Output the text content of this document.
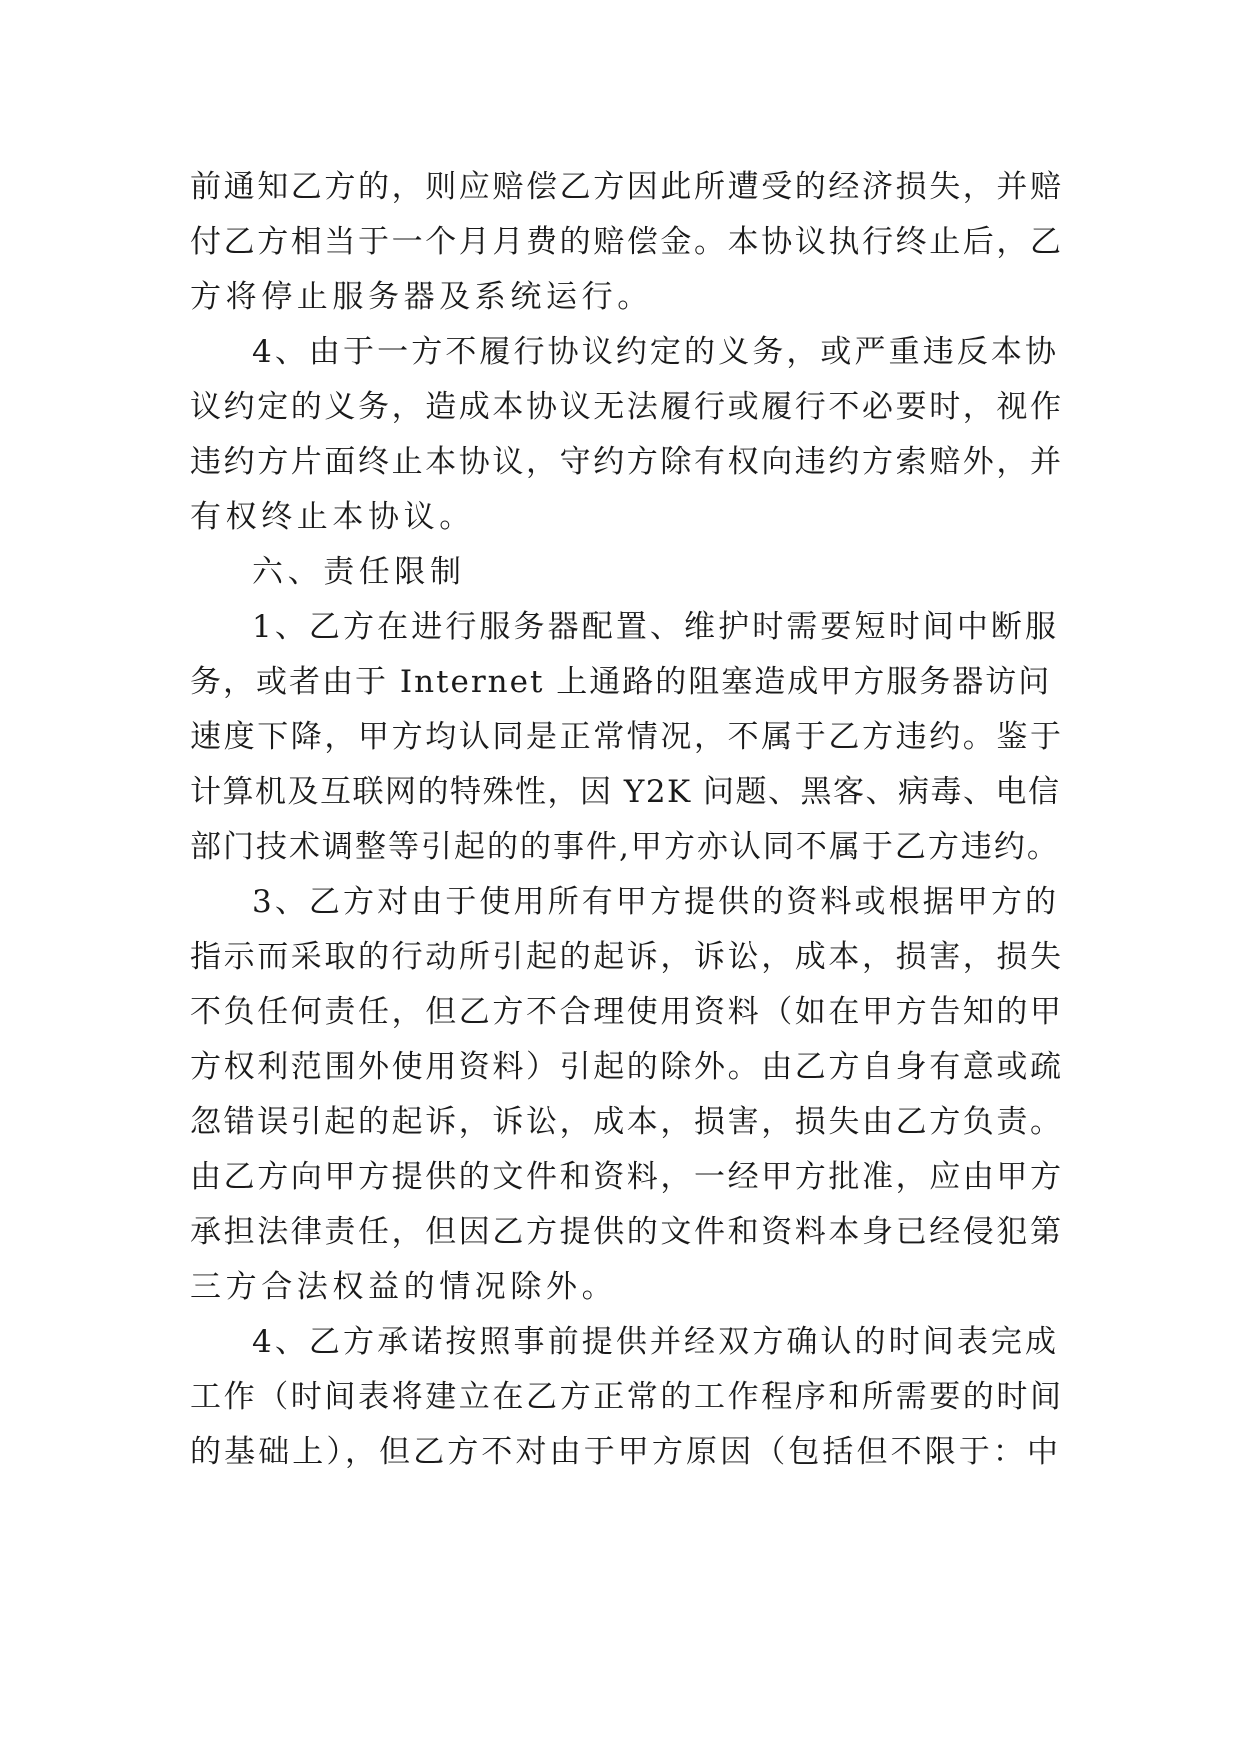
前通知乙方的，则应赔偿乙方因此所遭受的经济损失，并赔
付乙方相当于一个月月费的赔偿金。本协议执行终止后，乙
方将停止服务器及系统运行。
4、由于一方不履行协议约定的义务，或严重违反本协
议约定的义务，造成本协议无法履行或履行不必要时，视作
违约方片面终止本协议，守约方除有权向违约方索赔外，并
有权终止本协议。
六、责任限制
1、乙方在进行服务器配置、维护时需要短时间中断服
务，或者由于 Internet 上通路的阻塞造成甲方服务器访问
速度下降，甲方均认同是正常情况，不属于乙方违约。鉴于
计算机及互联网的特殊性，因 Y2K 问题、黑客、病毒、电信
部门技术调整等引起的的事件,甲方亦认同不属于乙方违约。
3、乙方对由于使用所有甲方提供的资料或根据甲方的
指示而采取的行动所引起的起诉，诉讼，成本，损害，损失
不负任何责任，但乙方不合理使用资料（如在甲方告知的甲
方权利范围外使用资料）引起的除外。由乙方自身有意或疏
忽错误引起的起诉，诉讼，成本，损害，损失由乙方负责。
由乙方向甲方提供的文件和资料，一经甲方批准，应由甲方
承担法律责任，但因乙方提供的文件和资料本身已经侵犯第
三方合法权益的情况除外。
4、乙方承诺按照事前提供并经双方确认的时间表完成
工作（时间表将建立在乙方正常的工作程序和所需要的时间
的基础上），但乙方不对由于甲方原因（包括但不限于：中
